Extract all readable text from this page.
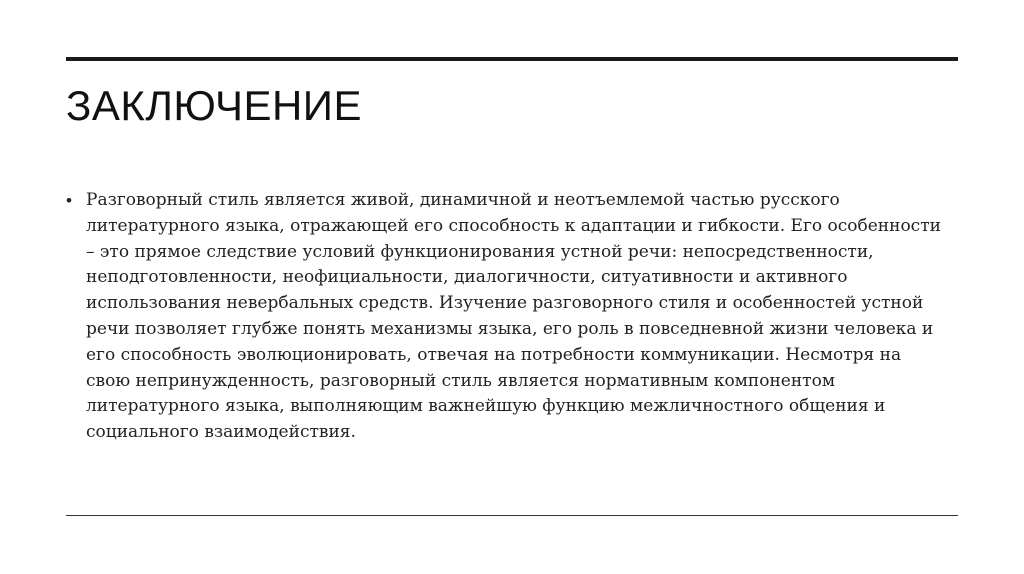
ЗАКЛЮЧЕНИЕ
• Разговорный стиль является живой, динамичной и неотъемлемой частью русского литературного языка, отражающей его способность к адаптации и гибкости. Его особенности – это прямое следствие условий функционирования устной речи: непосредственности, неподготовленности, неофициальности, диалогичности, ситуативности и активного использования невербальных средств. Изучение разговорного стиля и особенностей устной речи позволяет глубже понять механизмы языка, его роль в повседневной жизни человека и его способность эволюционировать, отвечая на потребности коммуникации. Несмотря на свою непринужденность, разговорный стиль является нормативным компонентом литературного языка, выполняющим важнейшую функцию межличностного общения и социального взаимодействия.
